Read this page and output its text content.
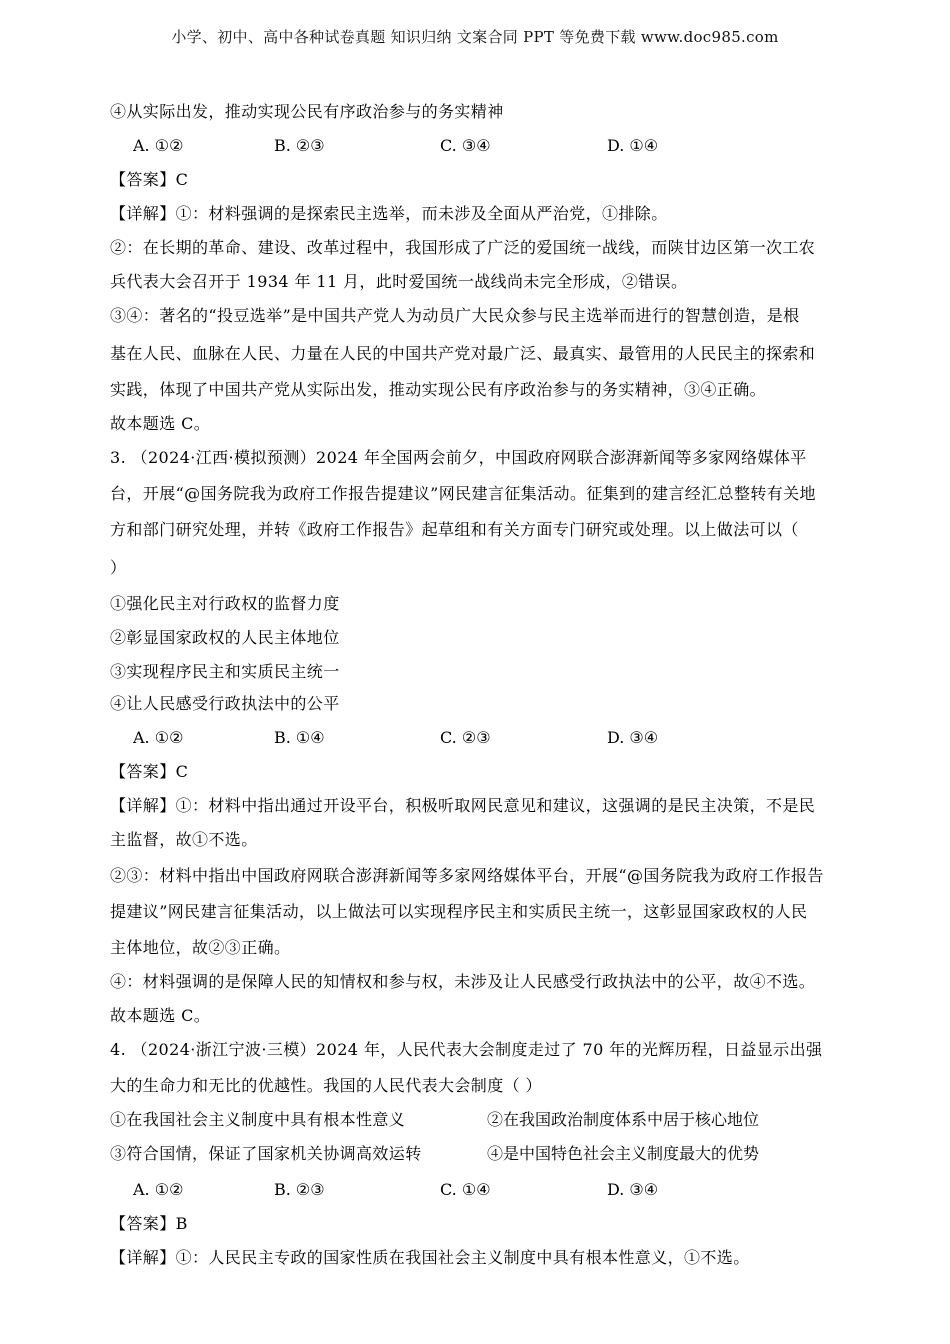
小学、初中、高中各种试卷真题 知识归纳 文案合同 PPT 等免费下载 www.doc985.com
④从实际出发，推动实现公民有序政治参与的务实精神
A. ①②	B. ②③	C. ③④	D. ①④
【答案】C
【详解】①：材料强调的是探索民主选举，而未涉及全面从严治党，①排除。
②：在长期的革命、建设、改革过程中，我国形成了广泛的爱国统一战线，而陕甘边区第一次工农
兵代表大会召开于 1934 年 11 月，此时爱国统一战线尚未完全形成，②错误。
③④：著名的“投豆选举”是中国共产党人为动员广大民众参与民主选举而进行的智慧创造，是根
基在人民、血脉在人民、力量在人民的中国共产党对最广泛、最真实、最管用的人民民主的探索和
实践，体现了中国共产党从实际出发，推动实现公民有序政治参与的务实精神，③④正确。
故本题选 C。
3. （2024·江西·模拟预测）2024 年全国两会前夕，中国政府网联合澎湃新闻等多家网络媒体平
台，开展“@国务院我为政府工作报告提建议”网民建言征集活动。征集到的建言经汇总整转有关地
方和部门研究处理，并转《政府工作报告》起草组和有关方面专门研究或处理。以上做法可以（
）
①强化民主对行政权的监督力度
②彰显国家政权的人民主体地位
③实现程序民主和实质民主统一
④让人民感受行政执法中的公平
A. ①②	B. ①④	C. ②③	D. ③④
【答案】C
【详解】①：材料中指出通过开设平台，积极听取网民意见和建议，这强调的是民主决策，不是民
主监督，故①不选。
②③：材料中指出中国政府网联合澎湃新闻等多家网络媒体平台，开展“@国务院我为政府工作报告
提建议”网民建言征集活动，以上做法可以实现程序民主和实质民主统一，这彰显国家政权的人民
主体地位，故②③正确。
④：材料强调的是保障人民的知情权和参与权，未涉及让人民感受行政执法中的公平，故④不选。
故本题选 C。
4. （2024·浙江宁波·三模）2024 年，人民代表大会制度走过了 70 年的光辉历程，日益显示出强
大的生命力和无比的优越性。我国的人民代表大会制度（ ）
①在我国社会主义制度中具有根本性意义	②在我国政治制度体系中居于核心地位
③符合国情，保证了国家机关协调高效运转	④是中国特色社会主义制度最大的优势
A. ①②	B. ②③	C. ①④	D. ③④
【答案】B
【详解】①：人民民主专政的国家性质在我国社会主义制度中具有根本性意义，①不选。
